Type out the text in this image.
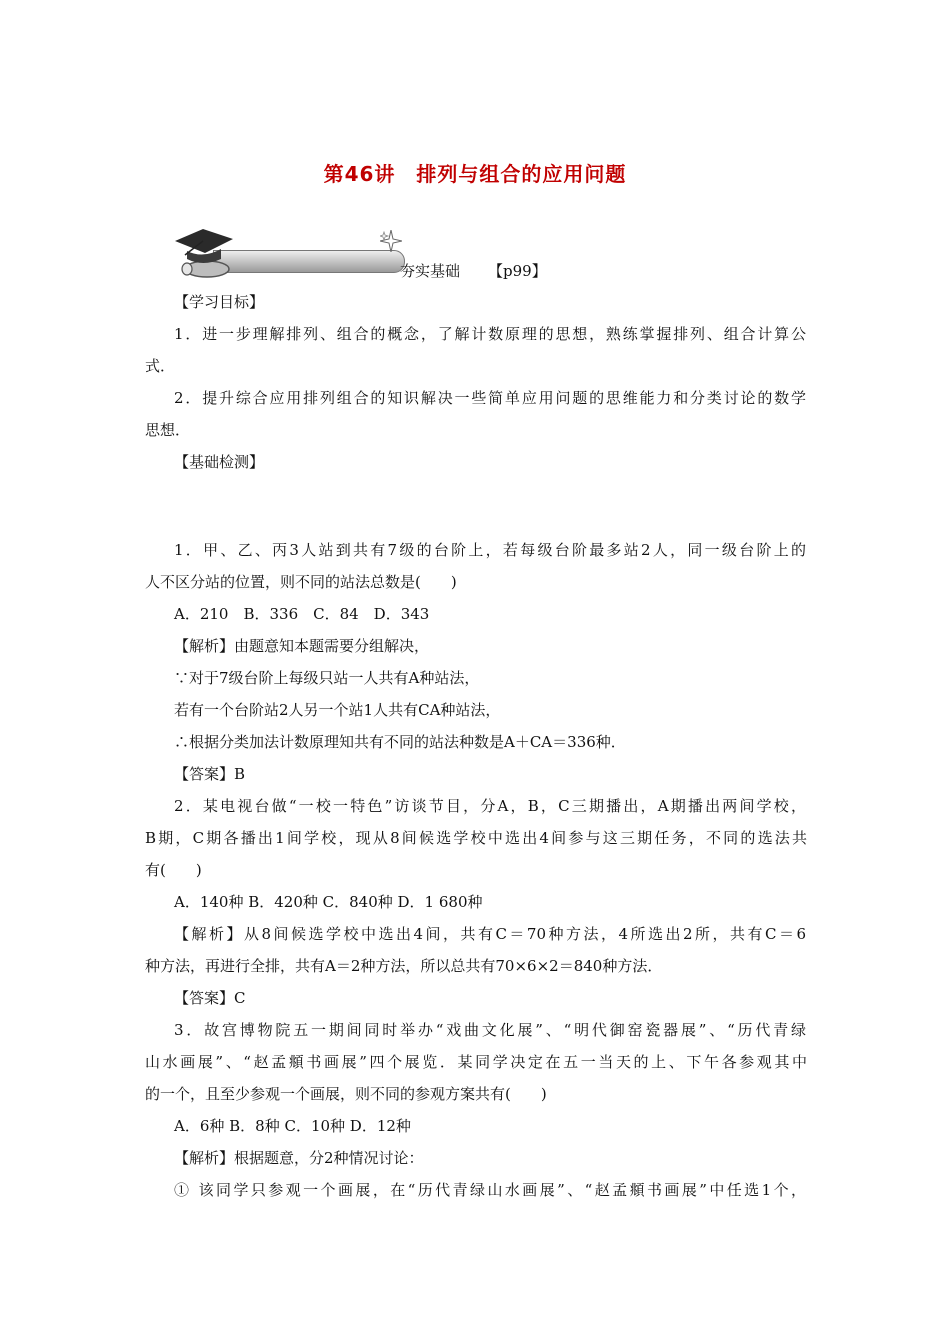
第46讲　排列与组合的应用问题
夯实基础 【p99】
【学习目标】
1．进一步理解排列、组合的概念，了解计数原理的思想，熟练掌握排列、组合计算公
式．
2．提升综合应用排列组合的知识解决一些简单应用问题的思维能力和分类讨论的数学
思想．
【基础检测】
1．甲、乙、丙3人站到共有7级的台阶上，若每级台阶最多站2人，同一级台阶上的
人不区分站的位置，则不同的站法总数是(　　)
A．210　B．336　C．84　D．343
【解析】由题意知本题需要分组解决，
∵对于7级台阶上每级只站一人共有A种站法，
若有一个台阶站2人另一个站1人共有CA种站法，
∴根据分类加法计数原理知共有不同的站法种数是A＋CA＝336种．
【答案】B
2．某电视台做“一校一特色”访谈节目，分A，B，C三期播出，A期播出两间学校，
B期，C期各播出1间学校，现从8间候选学校中选出4间参与这三期任务，不同的选法共
有(　　)
A．140种 B．420种 C．840种 D．1 680种
【解析】从8间候选学校中选出4间，共有C＝70种方法，4所选出2所，共有C＝6
种方法，再进行全排，共有A＝2种方法，所以总共有70×6×2＝840种方法．
【答案】C
3．故宫博物院五一期间同时举办“戏曲文化展”、“明代御窑瓷器展”、“历代青绿
山水画展”、“赵孟頫书画展”四个展览．某同学决定在五一当天的上、下午各参观其中
的一个，且至少参观一个画展，则不同的参观方案共有(　　)
A．6种 B．8种 C．10种 D．12种
【解析】根据题意，分2种情况讨论：
① 该同学只参观一个画展，在“历代青绿山水画展”、“赵孟頫书画展”中任选1个，
